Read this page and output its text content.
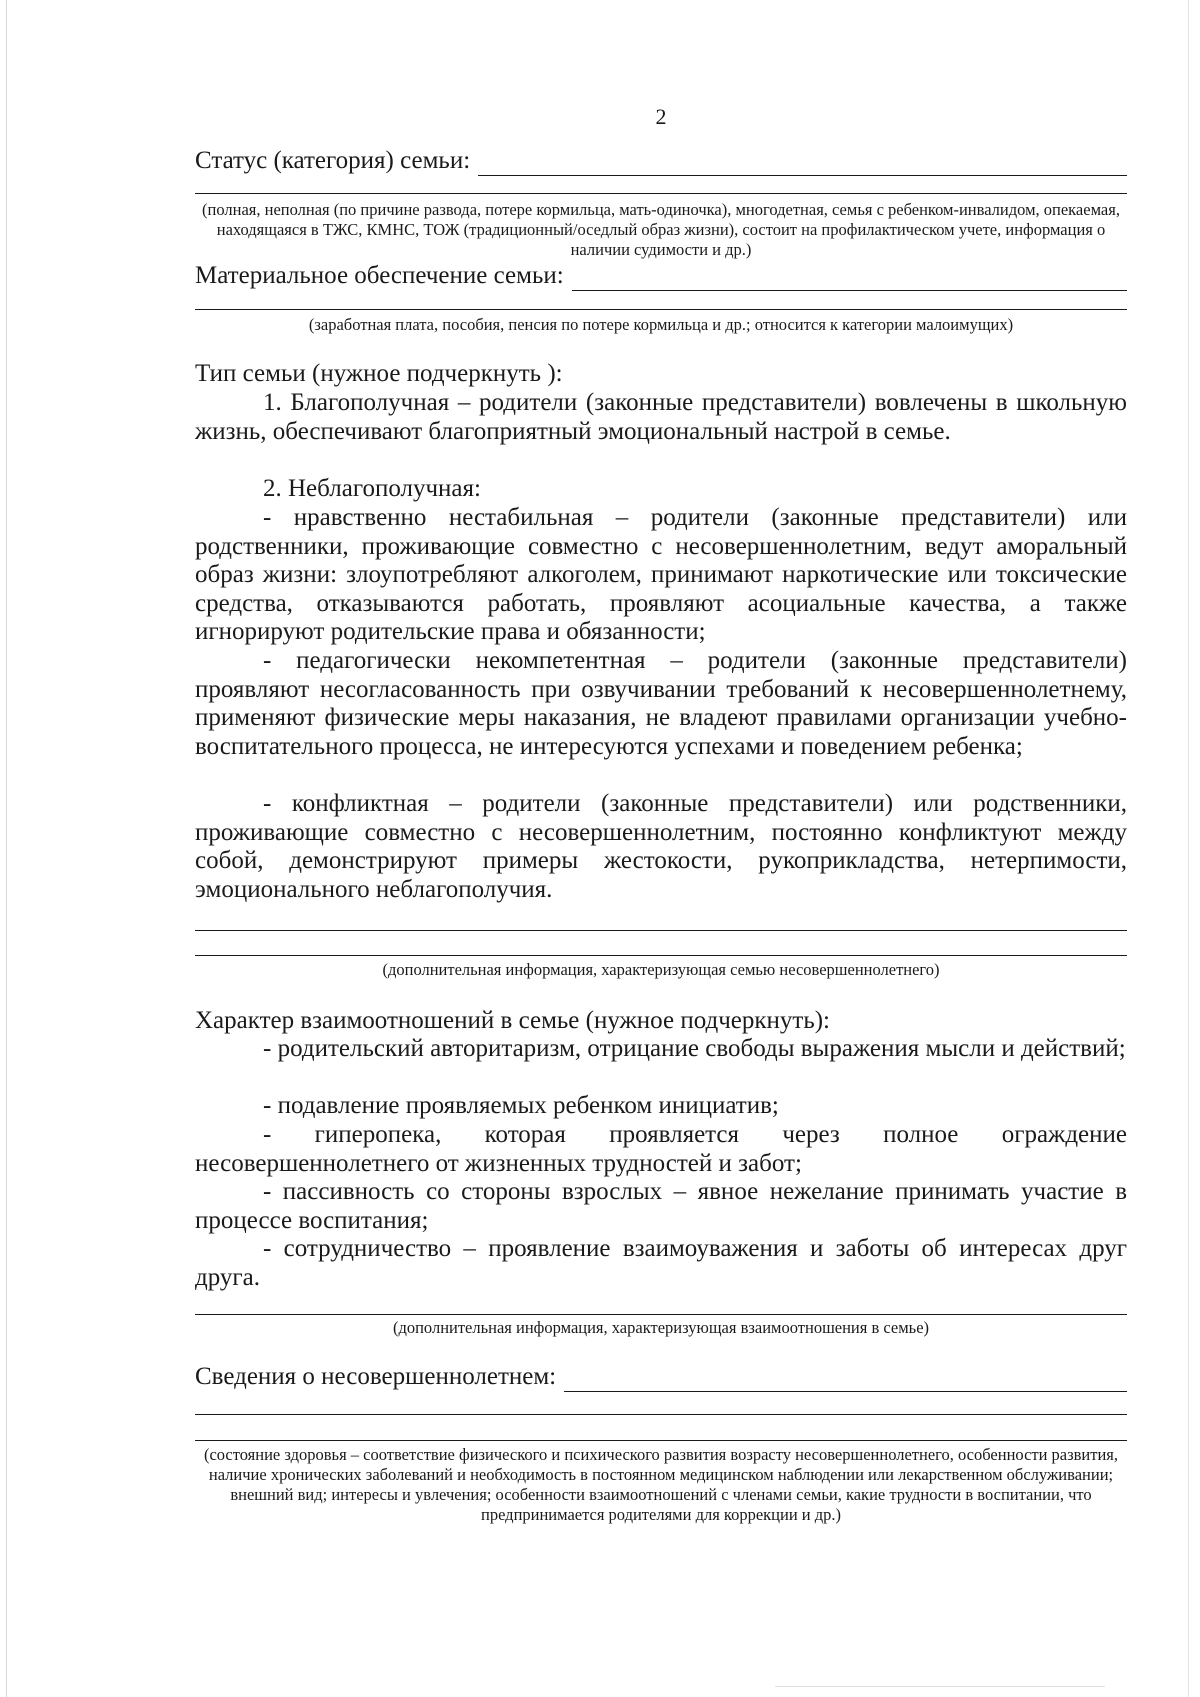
2
Статус (категория) семьи:
(полная, неполная (по причине развода, потере кормильца, мать-одиночка), многодетная, семья с ребенком-инвалидом, опекаемая, находящаяся в ТЖС, КМНС, ТОЖ (традиционный/оседлый образ жизни), состоит на профилактическом учете, информация о наличии судимости и др.)
Материальное обеспечение семьи:
(заработная плата, пособия, пенсия по потере кормильца и др.; относится к категории малоимущих)
Тип семьи (нужное подчеркнуть ):

1. Благополучная – родители (законные представители) вовлечены в школьную жизнь, обеспечивают благоприятный эмоциональный настрой в семье.

2. Неблагополучная:

- нравственно нестабильная – родители (законные представители) или родственники, проживающие совместно с несовершеннолетним, ведут аморальный образ жизни: злоупотребляют алкоголем, принимают наркотические или токсические средства, отказываются работать, проявляют асоциальные качества, а также игнорируют родительские права и обязанности;

- педагогически некомпетентная – родители (законные представители) проявляют несогласованность при озвучивании требований к несовершеннолетнему, применяют физические меры наказания, не владеют правилами организации учебно-воспитательного процесса, не интересуются успехами и поведением ребенка;

- конфликтная – родители (законные представители) или родственники, проживающие совместно с несовершеннолетним, постоянно конфликтуют между собой, демонстрируют примеры жестокости, рукоприкладства, нетерпимости, эмоционального неблагополучия.

(дополнительная информация, характеризующая семью несовершеннолетнего)
Характер взаимоотношений в семье (нужное подчеркнуть):

- родительский авторитаризм, отрицание свободы выражения мысли и действий;

- подавление проявляемых ребенком инициатив;

- гиперопека, которая проявляется через полное ограждение несовершеннолетнего от жизненных трудностей и забот;

- пассивность со стороны взрослых – явное нежелание принимать участие в процессе воспитания;

- сотрудничество – проявление взаимоуважения и заботы об интересах друг друга.

(дополнительная информация, характеризующая взаимоотношения в семье)
Сведения о несовершеннолетнем:
(состояние здоровья – соответствие физического и психического развития возрасту несовершеннолетнего, особенности развития, наличие хронических заболеваний и необходимость в постоянном медицинском наблюдении или лекарственном обслуживании; внешний вид; интересы и увлечения; особенности взаимоотношений с членами семьи, какие трудности в воспитании, что предпринимается родителями для коррекции и др.)
